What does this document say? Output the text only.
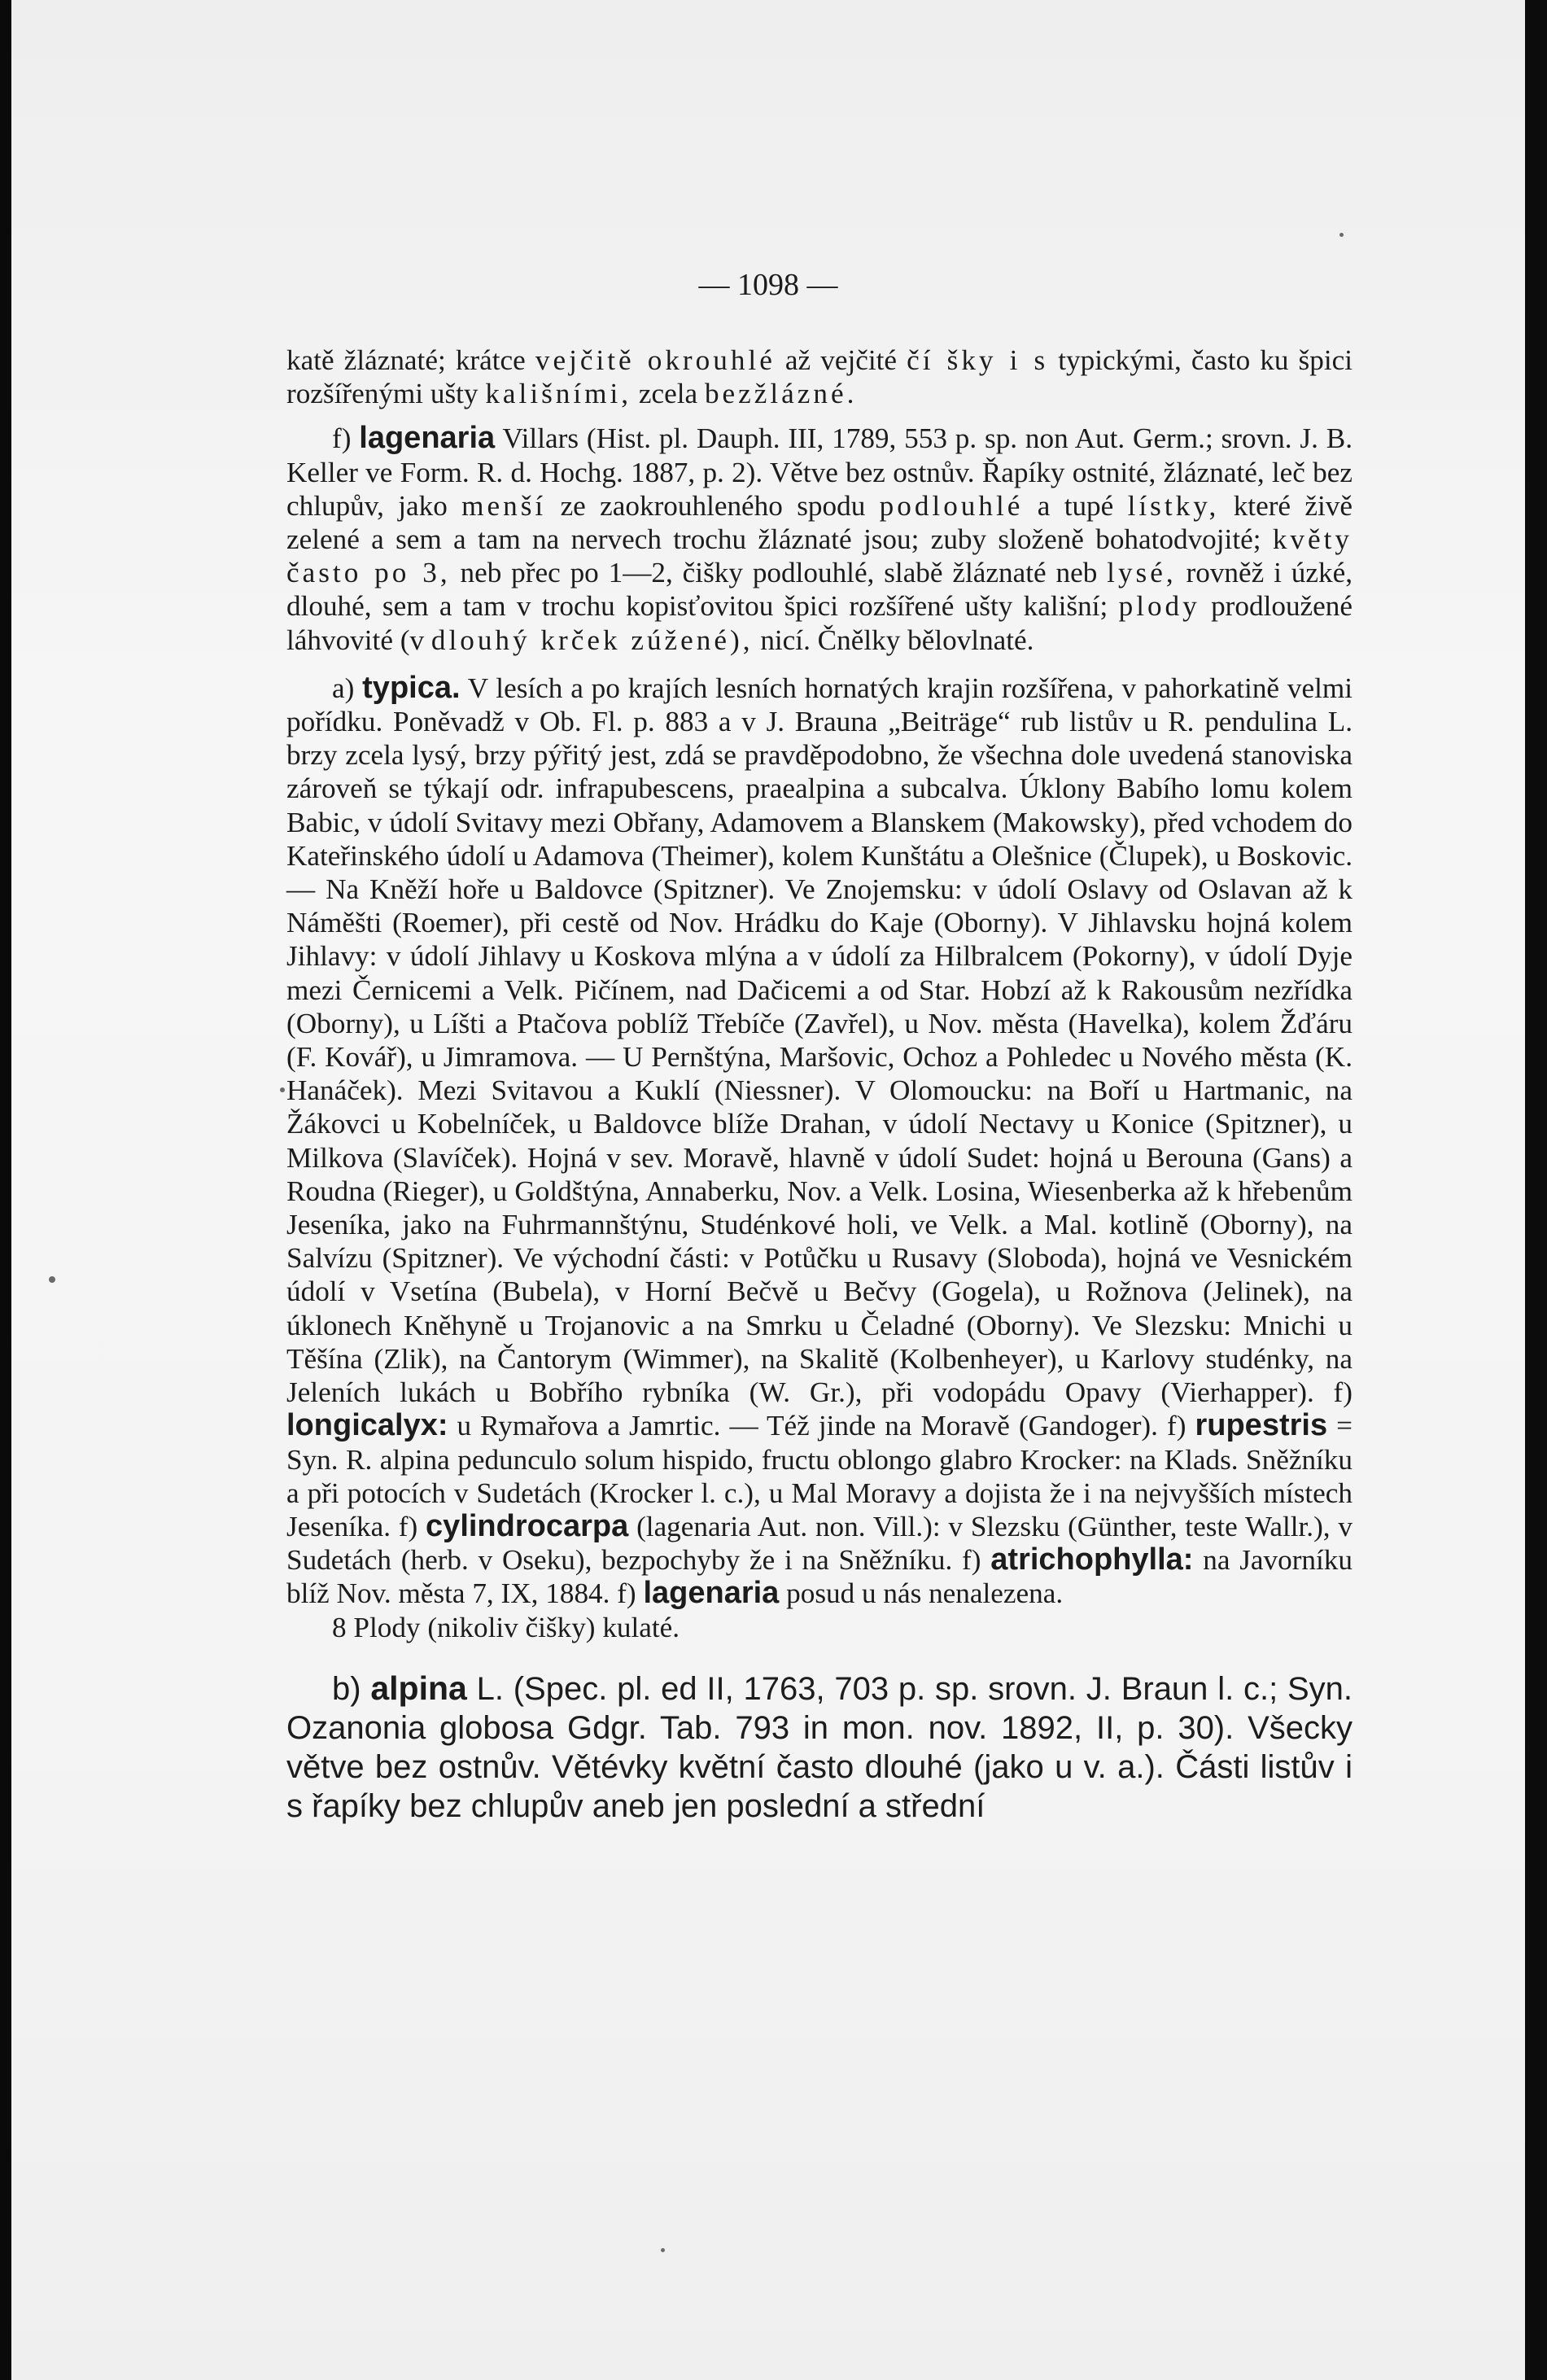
— 1098 —

katě žláznaté; krátce vejčitě okrouhlé až vejčité čí šky i s typickými, často ku špici rozšířenými ušty kališními, zcela bezžlázné.

f) lagenaria Villars (Hist. pl. Dauph. III, 1789, 553 p. sp. non Aut. Germ.; srovn. J. B. Keller ve Form. R. d. Hochg. 1887, p. 2). Větve bez ostnův. Řapíky ostnité, žláznaté, leč bez chlupův, jako menší ze zaokrouhleného spodu podlouhlé a tupé lístky, které živě zelené a sem a tam na nervech trochu žláznaté jsou; zuby složeně bohatodvojité; květy často po 3, neb přec po 1—2, čišky podlouhlé, slabě žláznaté neb lysé, rovněž i úzké, dlouhé, sem a tam v trochu kopisťovitou špici rozšířené ušty kališní; plody prodloužené láhvovité (v dlouhý krček zúžené), nicí. Čnělky bělovlnaté.

a) typica. V lesích a po krajích lesních hornatých krajin rozšířena, v pahorkatině velmi pořídku. Poněvadž v Ob. Fl. p. 883 a v J. Brauna „Beiträge“ rub listův u R. pendulina L. brzy zcela lysý, brzy pýřitý jest, zdá se pravděpodobno, že všechna dole uvedená stanoviska zároveň se týkají odr. infrapubescens, praealpina a subcalva. Úklony Babího lomu kolem Babic, v údolí Svitavy mezi Obřany, Adamovem a Blanskem (Makowsky), před vchodem do Kateřinského údolí u Adamova (Theimer), kolem Kunštátu a Olešnice (Člupek), u Boskovic. — Na Kněží hoře u Baldovce (Spitzner). Ve Znojemsku: v údolí Oslavy od Oslavan až k Náměšti (Roemer), při cestě od Nov. Hrádku do Kaje (Oborny). V Jihlavsku hojná kolem Jihlavy: v údolí Jihlavy u Koskova mlýna a v údolí za Hilbralcem (Pokorny), v údolí Dyje mezi Černicemi a Velk. Pičínem, nad Dačicemi a od Star. Hobzí až k Rakousům nezřídka (Oborny), u Líšti a Ptačova poblíž Třebíče (Zavřel), u Nov. města (Havelka), kolem Žďáru (F. Kovář), u Jimramova. — U Pernštýna, Maršovic, Ochoz a Pohledec u Nového města (K. Hanáček). Mezi Svitavou a Kuklí (Niessner). V Olomoucku: na Boří u Hartmanic, na Žákovci u Kobelníček, u Baldovce blíže Drahan, v údolí Nectavy u Konice (Spitzner), u Milkova (Slavíček). Hojná v sev. Moravě, hlavně v údolí Sudet: hojná u Berouna (Gans) a Roudna (Rieger), u Goldštýna, Annaberku, Nov. a Velk. Losina, Wiesenberka až k hřebenům Jeseníka, jako na Fuhrmannštýnu, Studénkové holi, ve Velk. a Mal. kotlině (Oborny), na Salvízu (Spitzner). Ve východní části: v Potůčku u Rusavy (Sloboda), hojná ve Vesnickém údolí v Vsetína (Bubela), v Horní Bečvě u Bečvy (Gogela), u Rožnova (Jelinek), na úklonech Kněhyně u Trojanovic a na Smrku u Čeladné (Oborny). Ve Slezsku: Mnichi u Těšína (Zlik), na Čantorym (Wimmer), na Skalitě (Kolbenheyer), u Karlovy studénky, na Jeleních lukách u Bobřího rybníka (W. Gr.), při vodopádu Opavy (Vierhapper). f) longicalyx: u Rymařova a Jamrtic. — Též jinde na Moravě (Gandoger). f) rupestris = Syn. R. alpina pedunculo solum hispido, fructu oblongo glabro Krocker: na Klads. Sněžníku a při potocích v Sudetách (Krocker l. c.), u Mal Moravy a dojista že i na nejvyšších místech Jeseníka. f) cylindrocarpa (lagenaria Aut. non. Vill.): v Slezsku (Günther, teste Wallr.), v Sudetách (herb. v Oseku), bezpochyby že i na Sněžníku. f) atrichophylla: na Javorníku blíž Nov. města 7, IX, 1884. f) lagenaria posud u nás nenalezena.

8 Plody (nikoliv čišky) kulaté.

b) alpina L. (Spec. pl. ed II, 1763, 703 p. sp. srovn. J. Braun l. c.; Syn. Ozanonia globosa Gdgr. Tab. 793 in mon. nov. 1892, II, p. 30). Všecky větve bez ostnův. Větévky květní často dlouhé (jako u v. a.). Části listův i s řapíky bez chlupův aneb jen poslední a střední
